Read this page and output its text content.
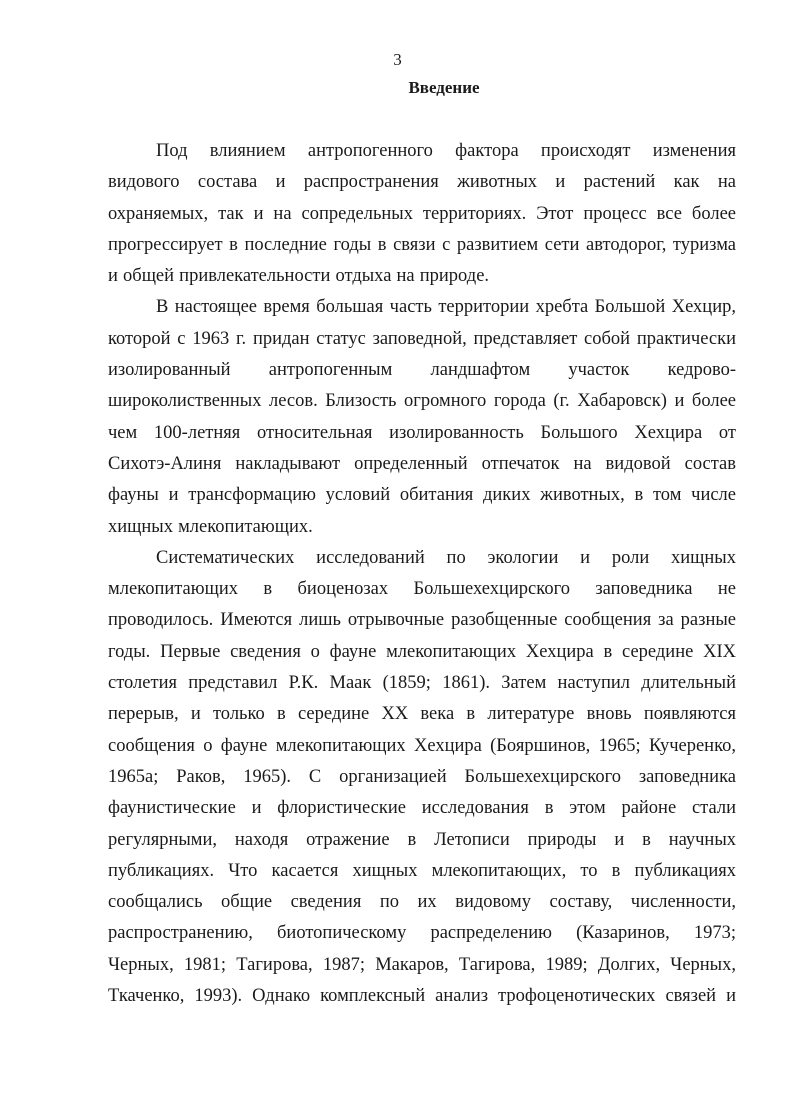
3
Введение

Под влиянием антропогенного фактора происходят изменения
видового состава и распространения животных и растений как на
охраняемых, так и на сопредельных территориях. Этот процесс все более
прогрессирует в последние годы в связи с развитием сети автодорог, туризма
и общей привлекательности отдыха на природе.

В настоящее время большая часть территории хребта Большой Хехцир,
которой с 1963 г. придан статус заповедной, представляет собой практически
изолированный антропогенным ландшафтом участок кедрово-
широколиственных лесов. Близость огромного города (г. Хабаровск) и более
чем 100-летняя относительная изолированность Большого Хехцира от
Сихотэ-Алиня накладывают определенный отпечаток на видовой состав
фауны и трансформацию условий обитания диких животных, в том числе
хищных млекопитающих.

Систематических исследований по экологии и роли хищных
млекопитающих в биоценозах Большехехцирского заповедника не
проводилось. Имеются лишь отрывочные разобщенные сообщения за разные
годы. Первые сведения о фауне млекопитающих Хехцира в середине XIX
столетия представил Р.К. Маак (1859; 1861). Затем наступил длительный
перерыв, и только в середине XX века в литературе вновь появляются
сообщения о фауне млекопитающих Хехцира (Бояршинов, 1965; Кучеренко,
1965а; Раков, 1965). С организацией Большехехцирского заповедника
фаунистические и флористические исследования в этом районе стали
регулярными, находя отражение в Летописи природы и в научных
публикациях. Что касается хищных млекопитающих, то в публикациях
сообщались общие сведения по их видовому составу, численности,
распространению, биотопическому распределению (Казаринов, 1973;
Черных, 1981; Тагирова, 1987; Макаров, Тагирова, 1989; Долгих, Черных,
Ткаченко, 1993). Однако комплексный анализ трофоценотических связей и
